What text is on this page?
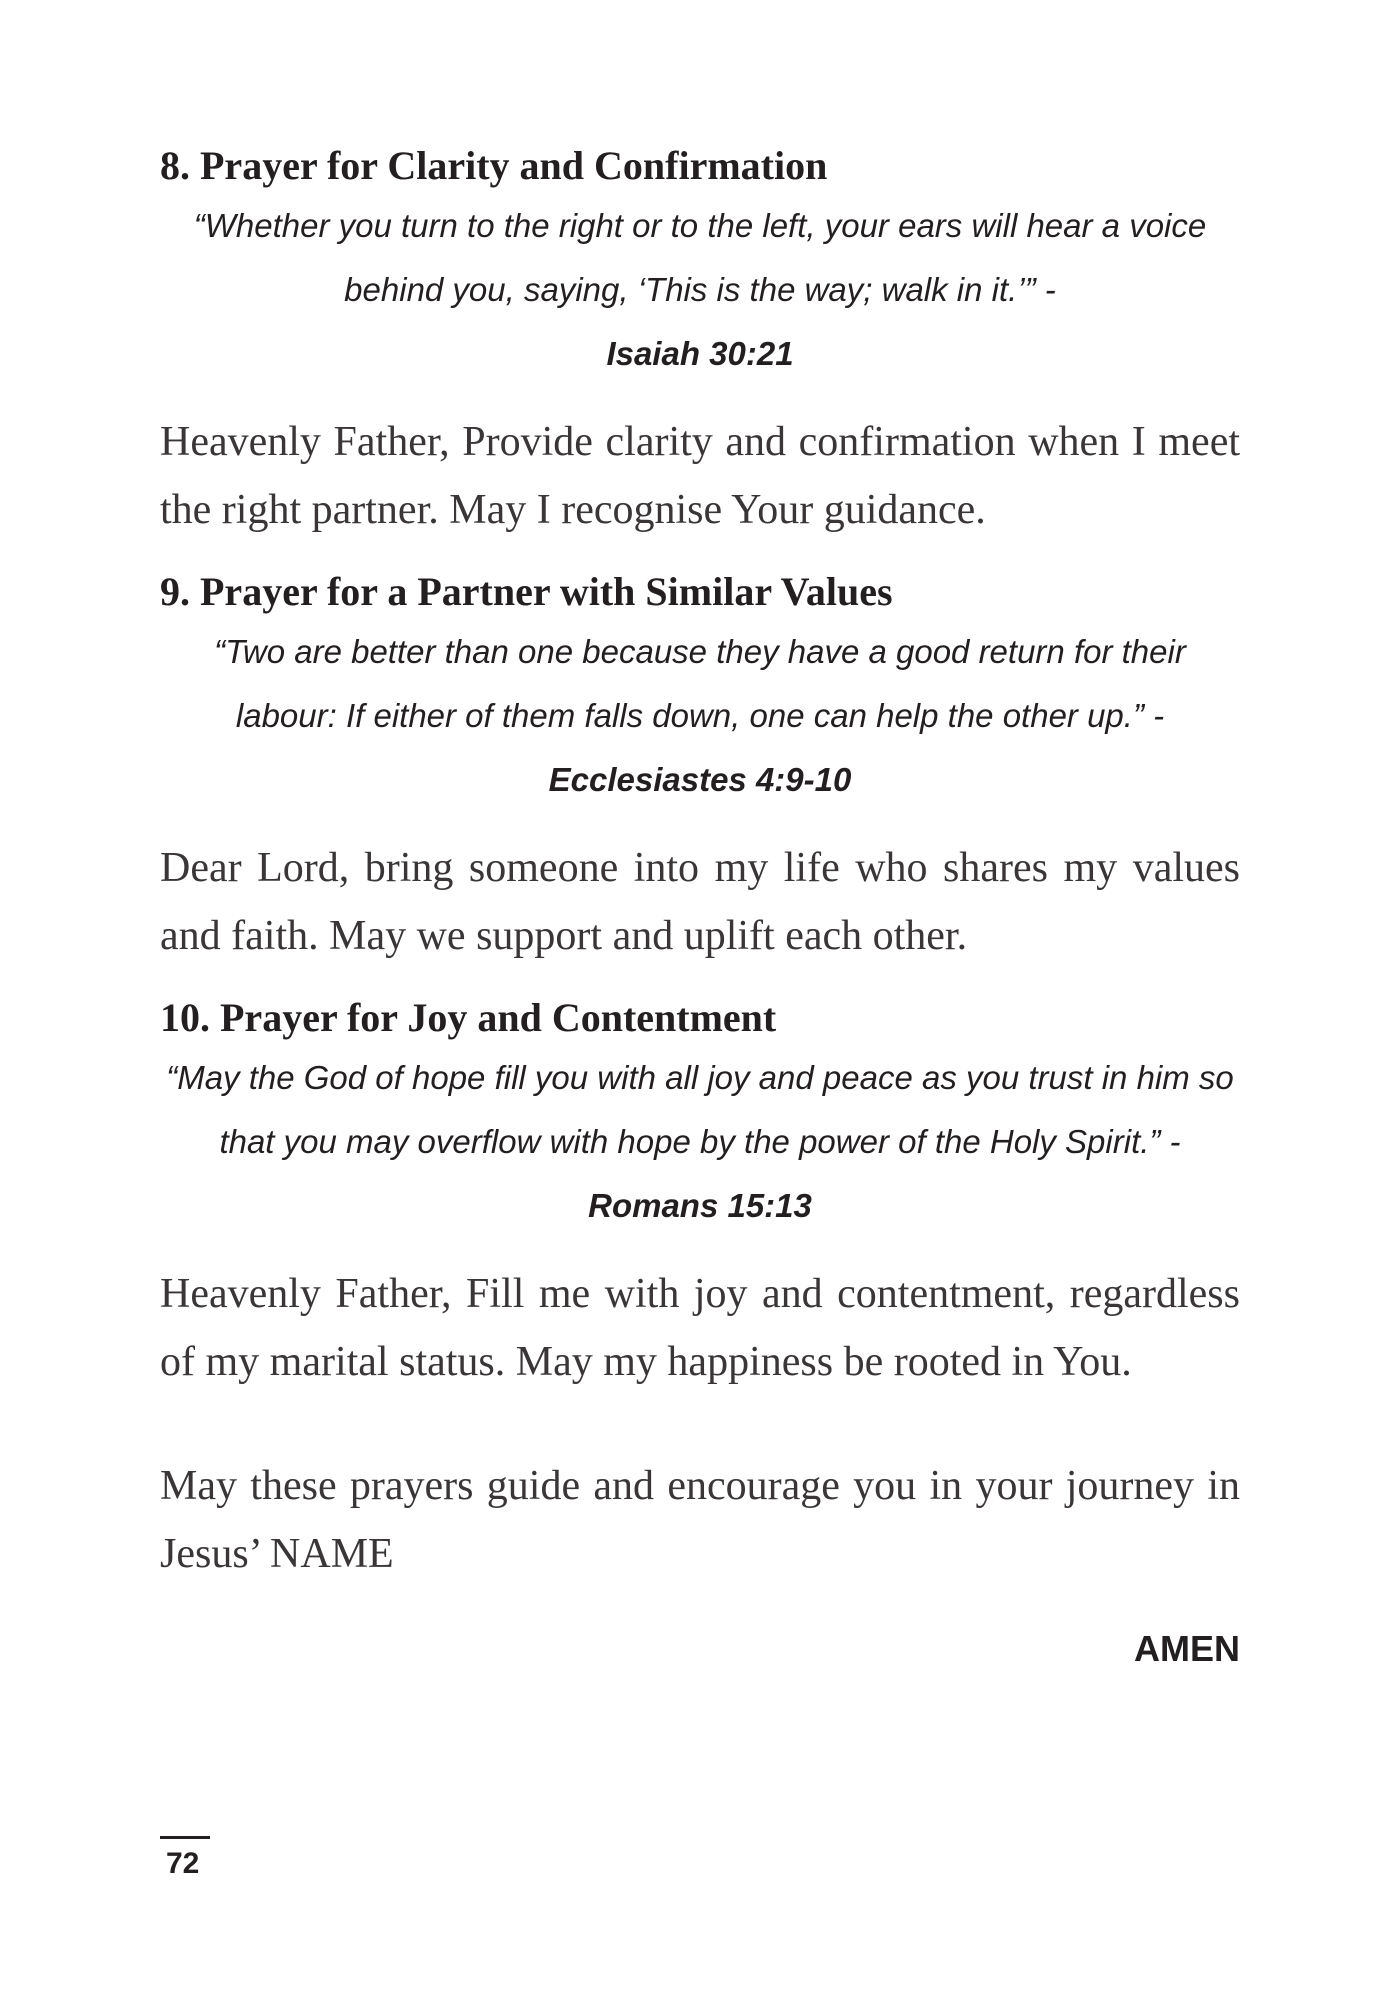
8. Prayer for Clarity and Confirmation

“Whether you turn to the right or to the left, your ears will hear a voice behind you, saying, ‘This is the way; walk in it.’” -
Isaiah 30:21

Heavenly Father, Provide clarity and confirmation when I meet the right partner. May I recognise Your guidance.

9. Prayer for a Partner with Similar Values

“Two are better than one because they have a good return for their labour: If either of them falls down, one can help the other up.” - Ecclesiastes 4:9-10

Dear Lord, bring someone into my life who shares my values and faith. May we support and uplift each other.

10. Prayer for Joy and Contentment

“May the God of hope fill you with all joy and peace as you trust in him so that you may overflow with hope by the power of the Holy Spirit.” - Romans 15:13

Heavenly Father, Fill me with joy and contentment, regardless of my marital status. May my happiness be rooted in You.

May these prayers guide and encourage you in your journey in Jesus’ NAME

AMEN

72
